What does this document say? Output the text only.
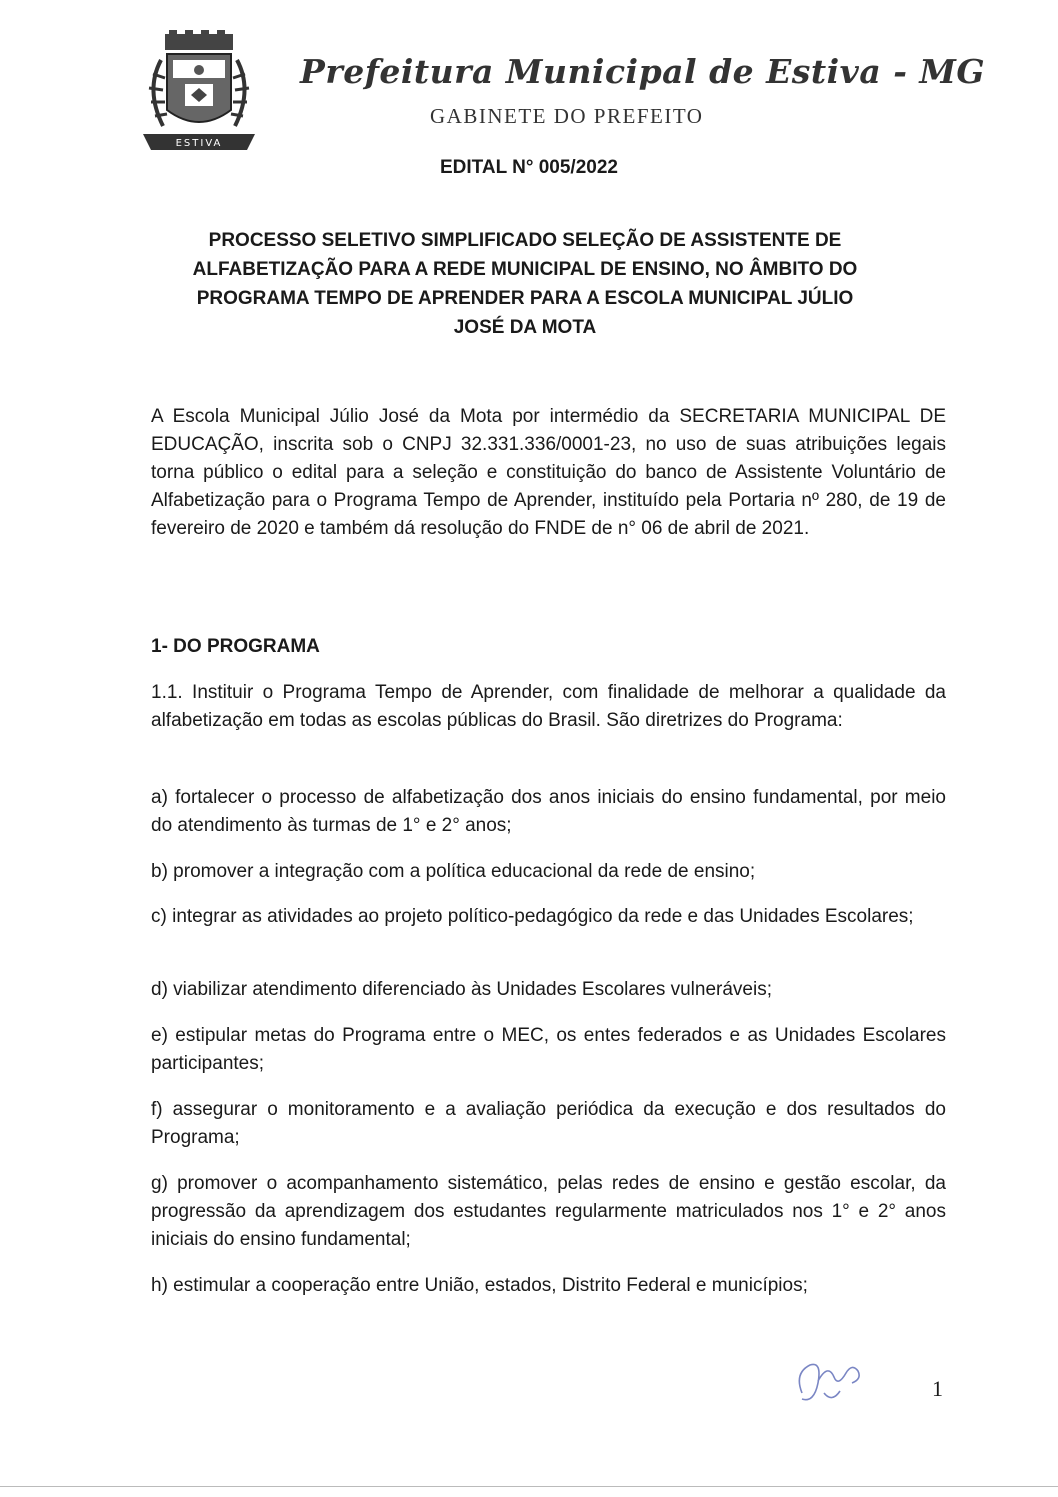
ESTIVA
Prefeitura Municipal de Estiva - MG
GABINETE DO PREFEITO
EDITAL N° 005/2022
PROCESSO SELETIVO SIMPLIFICADO SELEÇÃO DE ASSISTENTE DE
ALFABETIZAÇÃO PARA A REDE MUNICIPAL DE ENSINO, NO ÂMBITO DO
PROGRAMA TEMPO DE APRENDER PARA A ESCOLA MUNICIPAL JÚLIO
JOSÉ DA MOTA
A Escola Municipal Júlio José da Mota por intermédio da SECRETARIA MUNICIPAL DE EDUCAÇÃO, inscrita sob o CNPJ 32.331.336/0001-23, no uso de suas atribuições legais torna público o edital para a seleção e constituição do banco de Assistente Voluntário de Alfabetização para o Programa Tempo de Aprender, instituído pela Portaria nº 280, de 19 de fevereiro de 2020 e também dá resolução do FNDE de n° 06 de abril de 2021.
1- DO PROGRAMA
1.1. Instituir o Programa Tempo de Aprender, com finalidade de melhorar a qualidade da alfabetização em todas as escolas públicas do Brasil. São diretrizes do Programa:
a) fortalecer o processo de alfabetização dos anos iniciais do ensino fundamental, por meio do atendimento às turmas de 1° e 2° anos;
b) promover a integração com a política educacional da rede de ensino;
c) integrar as atividades ao projeto político-pedagógico da rede e das Unidades Escolares;
d) viabilizar atendimento diferenciado às Unidades Escolares vulneráveis;
e) estipular metas do Programa entre o MEC, os entes federados e as Unidades Escolares participantes;
f) assegurar o monitoramento e a avaliação periódica da execução e dos resultados do Programa;
g) promover o acompanhamento sistemático, pelas redes de ensino e gestão escolar, da progressão da aprendizagem dos estudantes regularmente matriculados nos 1° e 2° anos iniciais do ensino fundamental;
h) estimular a cooperação entre União, estados, Distrito Federal e municípios;
1
